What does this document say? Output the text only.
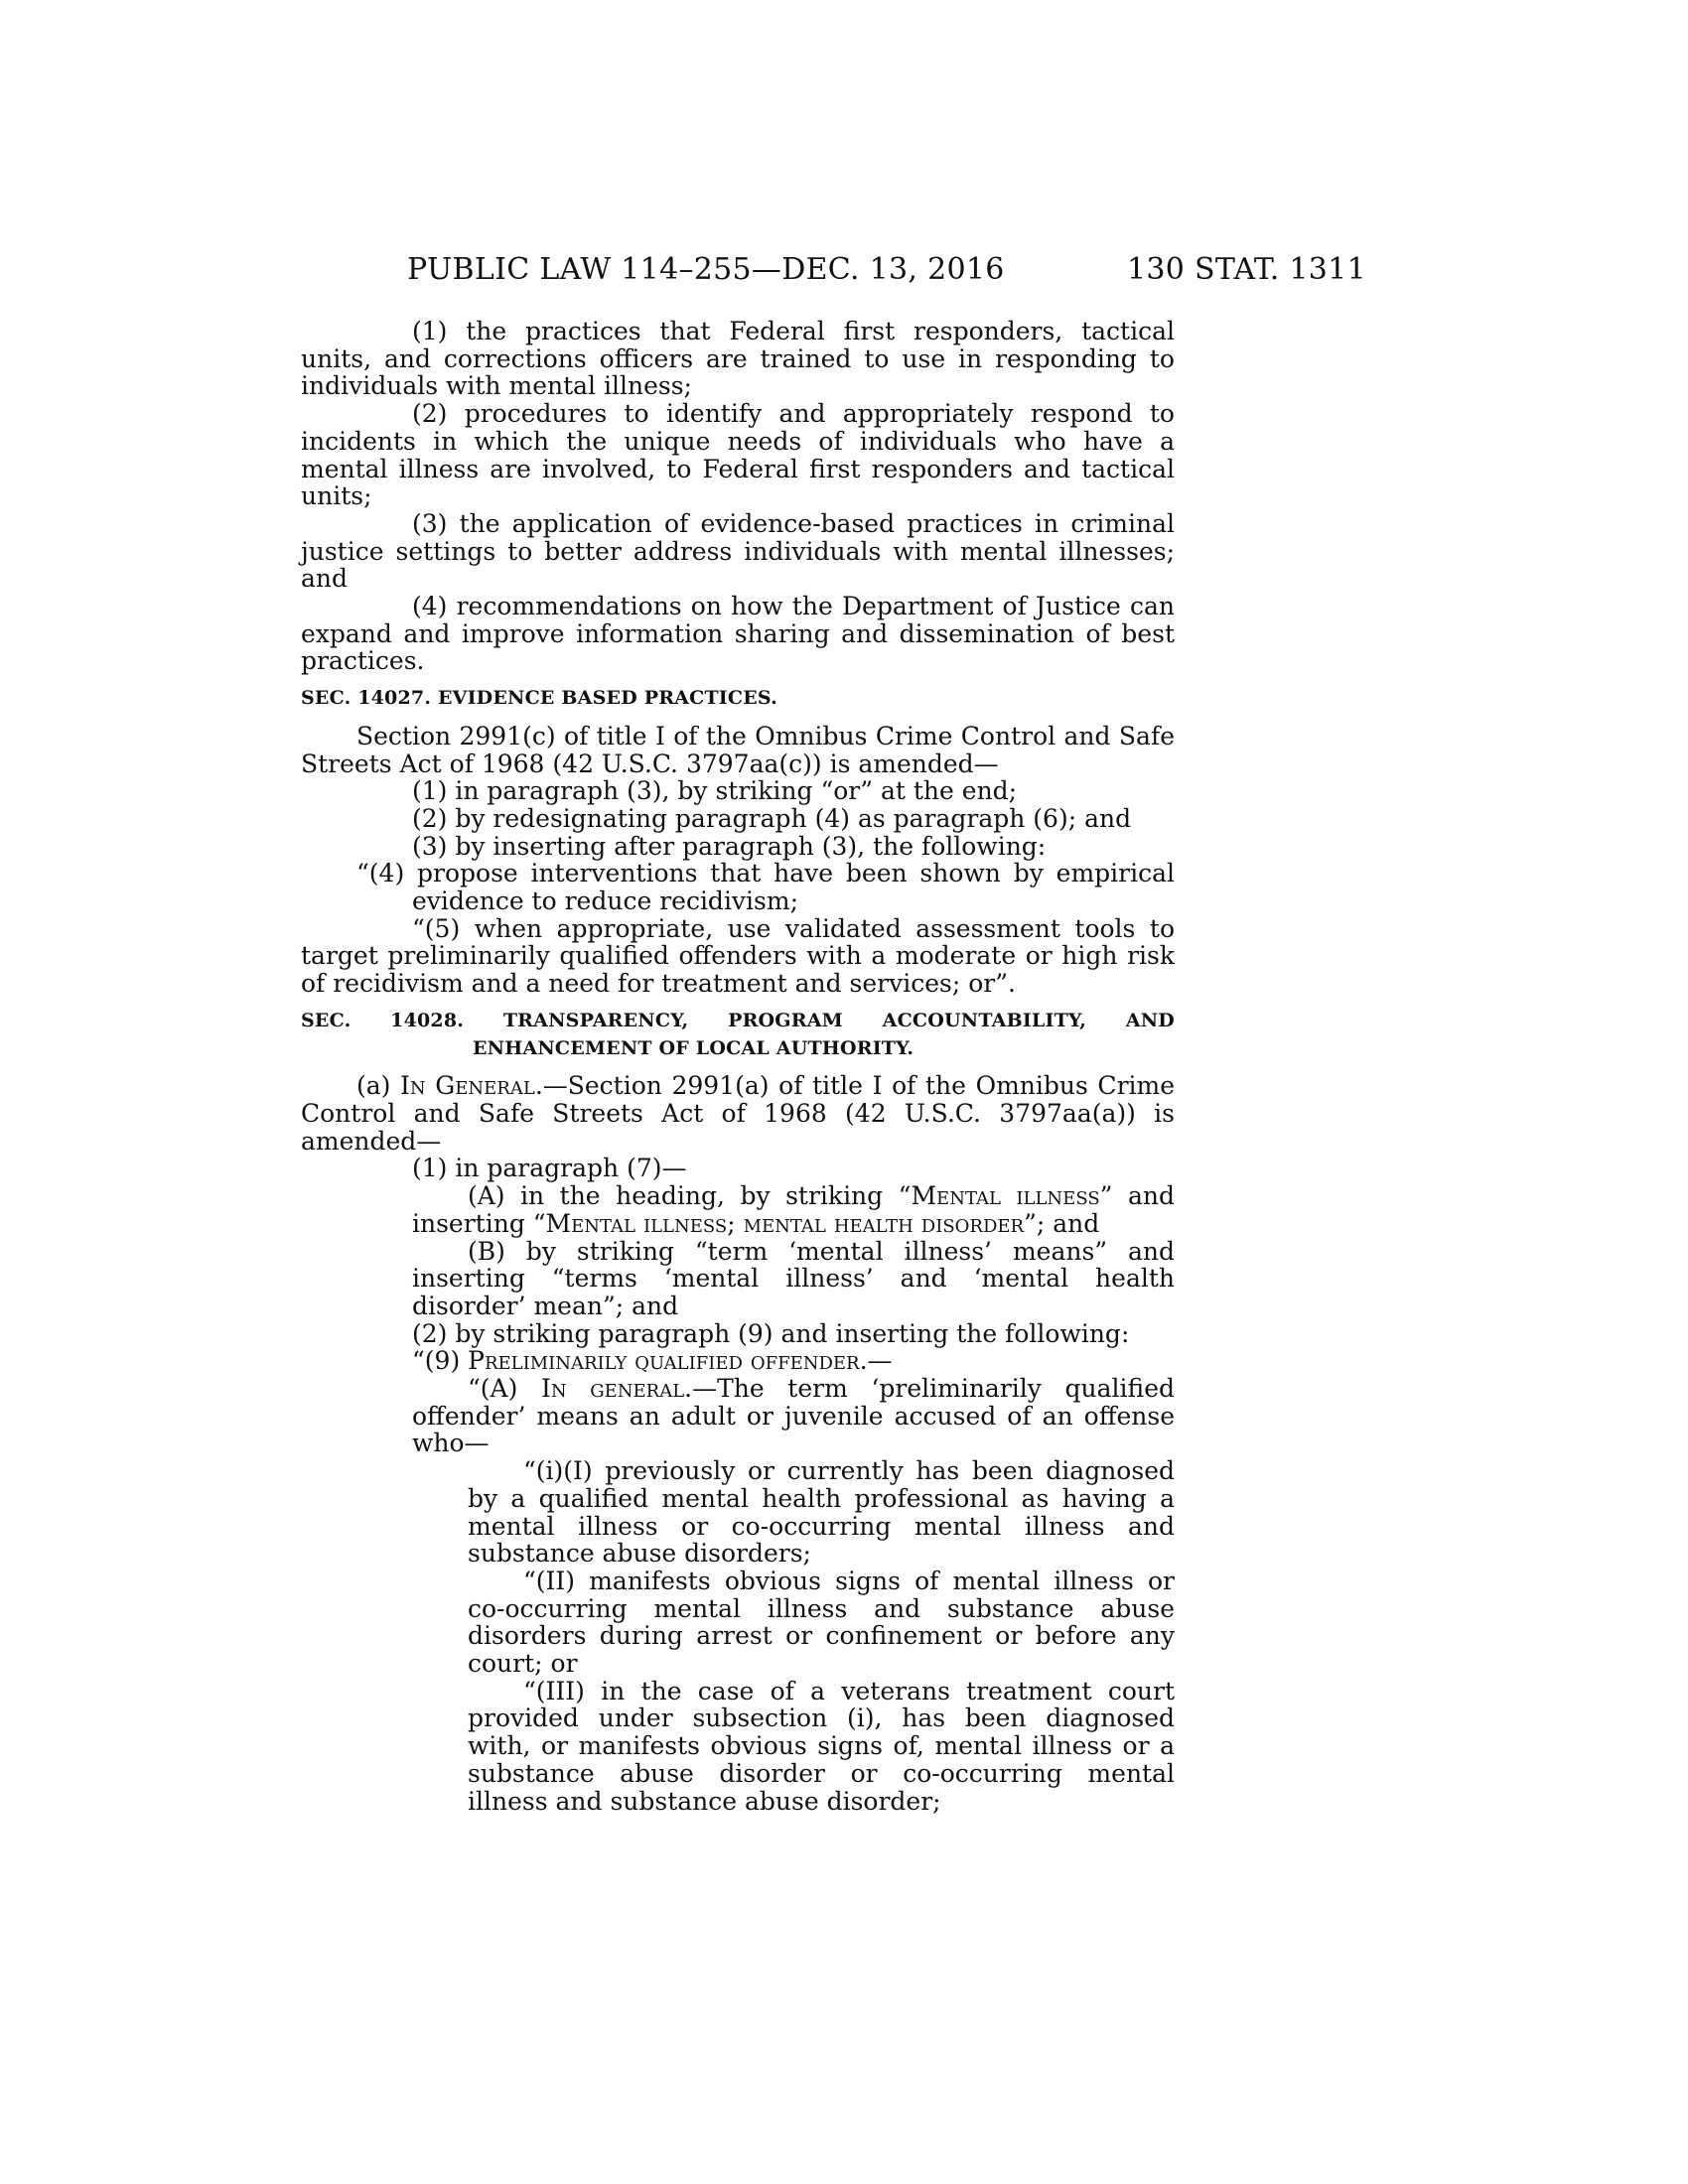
PUBLIC LAW 114–255—DEC. 13, 2016	130 STAT. 1311

(1) the practices that Federal first responders, tactical units, and corrections officers are trained to use in responding to individuals with mental illness;

(2) procedures to identify and appropriately respond to incidents in which the unique needs of individuals who have a mental illness are involved, to Federal first responders and tactical units;

(3) the application of evidence-based practices in criminal justice settings to better address individuals with mental illnesses; and

(4) recommendations on how the Department of Justice can expand and improve information sharing and dissemination of best practices.

SEC. 14027. EVIDENCE BASED PRACTICES.

Section 2991(c) of title I of the Omnibus Crime Control and Safe Streets Act of 1968 (42 U.S.C. 3797aa(c)) is amended—

(1) in paragraph (3), by striking “or” at the end;

(2) by redesignating paragraph (4) as paragraph (6); and

(3) by inserting after paragraph (3), the following:

“(4) propose interventions that have been shown by empirical evidence to reduce recidivism;

“(5) when appropriate, use validated assessment tools to target preliminarily qualified offenders with a moderate or high risk of recidivism and a need for treatment and services; or”.

SEC. 14028. TRANSPARENCY, PROGRAM ACCOUNTABILITY, AND
ENHANCEMENT OF LOCAL AUTHORITY.

(a) In General.—Section 2991(a) of title I of the Omnibus Crime Control and Safe Streets Act of 1968 (42 U.S.C. 3797aa(a)) is amended—

(1) in paragraph (7)—

(A) in the heading, by striking “Mental illness” and inserting “Mental illness; mental health disorder”; and

(B) by striking “term ‘mental illness’ means” and inserting “terms ‘mental illness’ and ‘mental health disorder’ mean”; and

(2) by striking paragraph (9) and inserting the following:

“(9) Preliminarily qualified offender.—

“(A) In general.—The term ‘preliminarily qualified offender’ means an adult or juvenile accused of an offense who—

“(i)(I) previously or currently has been diagnosed by a qualified mental health professional as having a mental illness or co-occurring mental illness and substance abuse disorders;

“(II) manifests obvious signs of mental illness or co-occurring mental illness and substance abuse disorders during arrest or confinement or before any court; or

“(III) in the case of a veterans treatment court provided under subsection (i), has been diagnosed with, or manifests obvious signs of, mental illness or a substance abuse disorder or co-occurring mental illness and substance abuse disorder;
